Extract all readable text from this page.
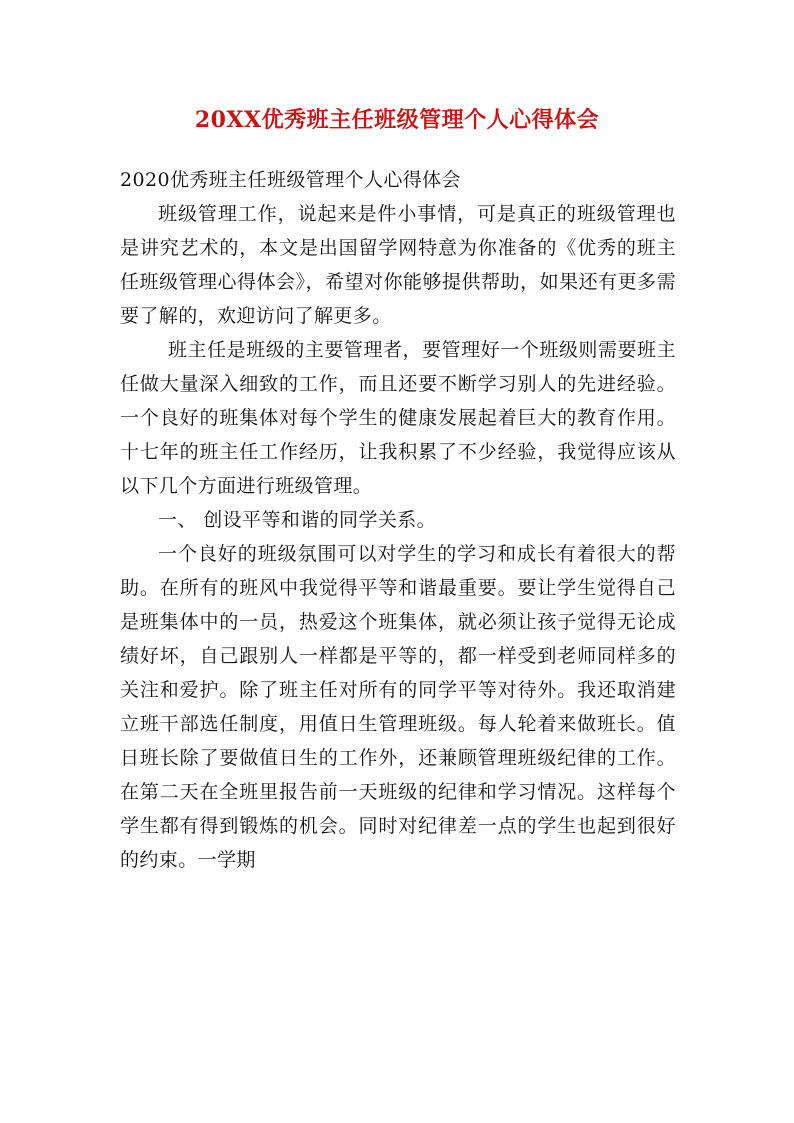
20XX优秀班主任班级管理个人心得体会

2020优秀班主任班级管理个人心得体会

班级管理工作，说起来是件小事情，可是真正的班级管理也是讲究艺术的，本文是出国留学网特意为你准备的《优秀的班主任班级管理心得体会》，希望对你能够提供帮助，如果还有更多需要了解的，欢迎访问了解更多。

班主任是班级的主要管理者，要管理好一个班级则需要班主任做大量深入细致的工作，而且还要不断学习别人的先进经验。一个良好的班集体对每个学生的健康发展起着巨大的教育作用。十七年的班主任工作经历，让我积累了不少经验，我觉得应该从以下几个方面进行班级管理。

一、 创设平等和谐的同学关系。

一个良好的班级氛围可以对学生的学习和成长有着很大的帮助。在所有的班风中我觉得平等和谐最重要。要让学生觉得自己是班集体中的一员，热爱这个班集体，就必须让孩子觉得无论成绩好坏，自己跟别人一样都是平等的，都一样受到老师同样多的关注和爱护。除了班主任对所有的同学平等对待外。我还取消建立班干部选任制度，用值日生管理班级。每人轮着来做班长。值日班长除了要做值日生的工作外，还兼顾管理班级纪律的工作。在第二天在全班里报告前一天班级的纪律和学习情况。这样每个学生都有得到锻炼的机会。同时对纪律差一点的学生也起到很好的约束。一学期
